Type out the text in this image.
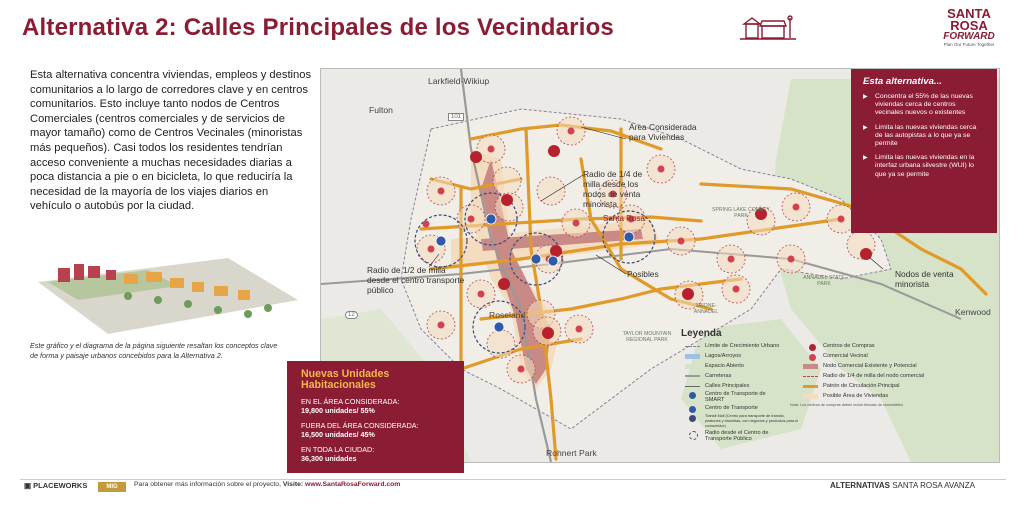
Alternativa 2: Calles Principales de los Vecindarios
SANTA
ROSA
FORWARD
Plan Our Future Together
Esta alternativa concentra viviendas, empleos y destinos comunitarios a lo largo de corredores clave y en centros comunitarios. Esto incluye tanto nodos de Centros Comerciales (centros comerciales y de servicios de mayor tamaño) como de Centros Vecinales (minoristas más pequeños). Casi todos los residentes tendrían acceso conveniente a muchas necesidades diarias a poca distancia a pie o en bicicleta, lo que reduciría la necesidad de la mayoría de los viajes diarios en vehículo o autobús por la ciudad.
Este gráfico y el diagrama de la página siguiente resaltan los conceptos clave de forma y paisaje urbanos concebidos para la Alternativa 2.
Larkfield-Wikiup
Fulton
Roseland
Rohnert Park
Kenwood
Santa Rosa
101
12
SPRING LAKE COUNTY PARK
ANNADEL STATE PARK
TAYLOR MOUNTAIN REGIONAL PARK
TRIONE-ANNADEL
Área Considerada para Viviendas
Radio de 1/4 de milla desde los nodos de venta minorista
Radio de 1/2 de milla desde el centro transporte público
Posibles	Nodos de venta minorista
Esta alternativa...
▶ Concentra el 55% de las nuevas viviendas cerca de centros vecinales nuevos o existentes
▶ Limita las nuevas viviendas cerca de las autopistas a lo que ya se permite
▶ Limita las nuevas viviendas en la interfaz urbana silvestre (WUI) lo que ya se permite
Nuevas Unidades
Habitacionales
EN EL ÁREA CONSIDERADA:
19,800 unidades/ 55%
FUERA DEL ÁREA CONSIDERADA:
16,500 unidades/ 45%
EN TODA LA CIUDAD:
36,300 unidades
Leyenda
Límite de Crecimiento Urbano
Lagos/Arroyos
Espacio Abierto
Carreteras
Calles Principales
Centro de Transporte de SMART
Centro de Transporte
Transit Mall (Centro para transporte de tránsito, peatones y bicicletas, con negocios y productos para el consumidor)
Radio desde el Centro de Transporte Público
Centros de Compras
Comercial Vecinal
Nodo Comercial Existente y Potencial
Radio de 1/4 de milla del nodo comercial
Patrón de Circulación Principal
Posible Área de Viviendas
Nota: Los centros de compras deben incluir tiendas de comestibles
▣ PLACEWORKS	MIG	Para obtener más información sobre el proyecto, Visite: www.SantaRosaForward.com	ALTERNATIVAS SANTA ROSA AVANZA
